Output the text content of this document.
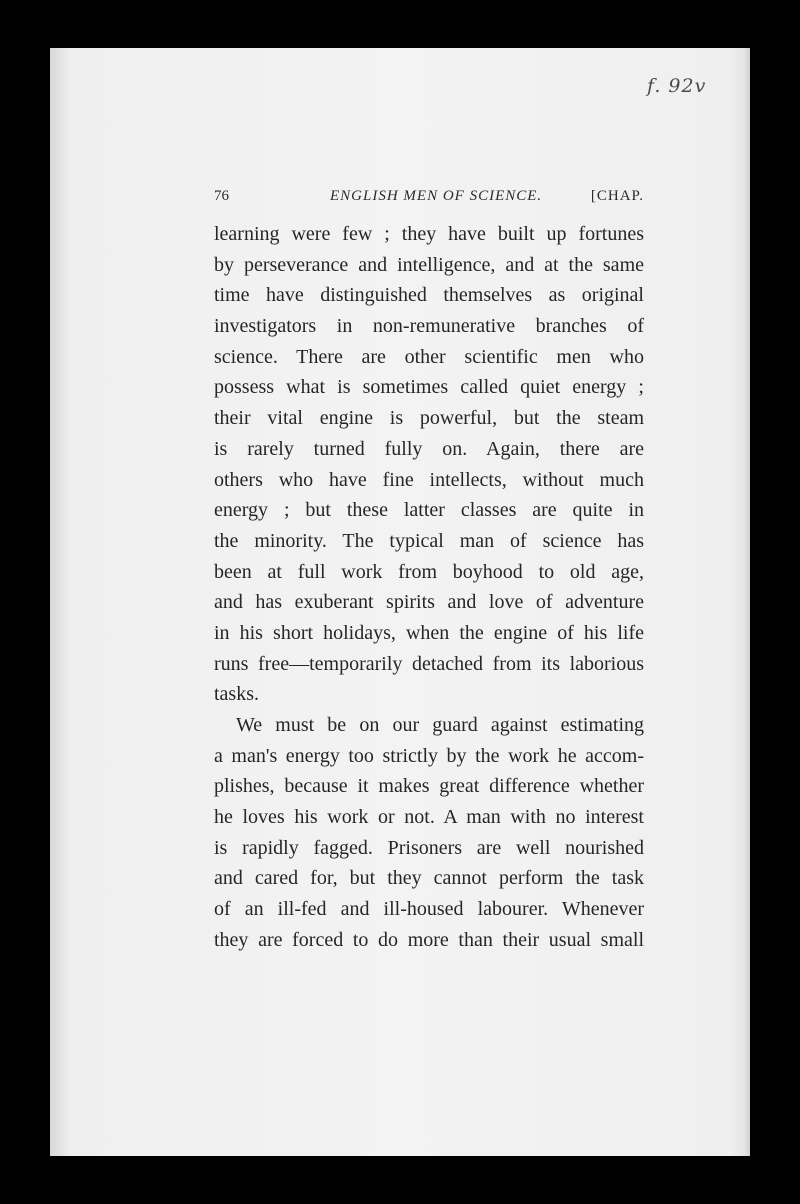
f. 92v
76	ENGLISH MEN OF SCIENCE.	[CHAP.
learning were few ; they have built up fortunes
by perseverance and intelligence, and at the same
time have distinguished themselves as original
investigators in non-remunerative branches of
science. There are other scientific men who
possess what is sometimes called quiet energy ;
their vital engine is powerful, but the steam
is rarely turned fully on. Again, there are
others who have fine intellects, without much
energy ; but these latter classes are quite in
the minority. The typical man of science has
been at full work from boyhood to old age,
and has exuberant spirits and love of adventure
in his short holidays, when the engine of his life
runs free—temporarily detached from its laborious
tasks.
We must be on our guard against estimating
a man's energy too strictly by the work he accom-
plishes, because it makes great difference whether
he loves his work or not. A man with no interest
is rapidly fagged. Prisoners are well nourished
and cared for, but they cannot perform the task
of an ill-fed and ill-housed labourer. Whenever
they are forced to do more than their usual small
